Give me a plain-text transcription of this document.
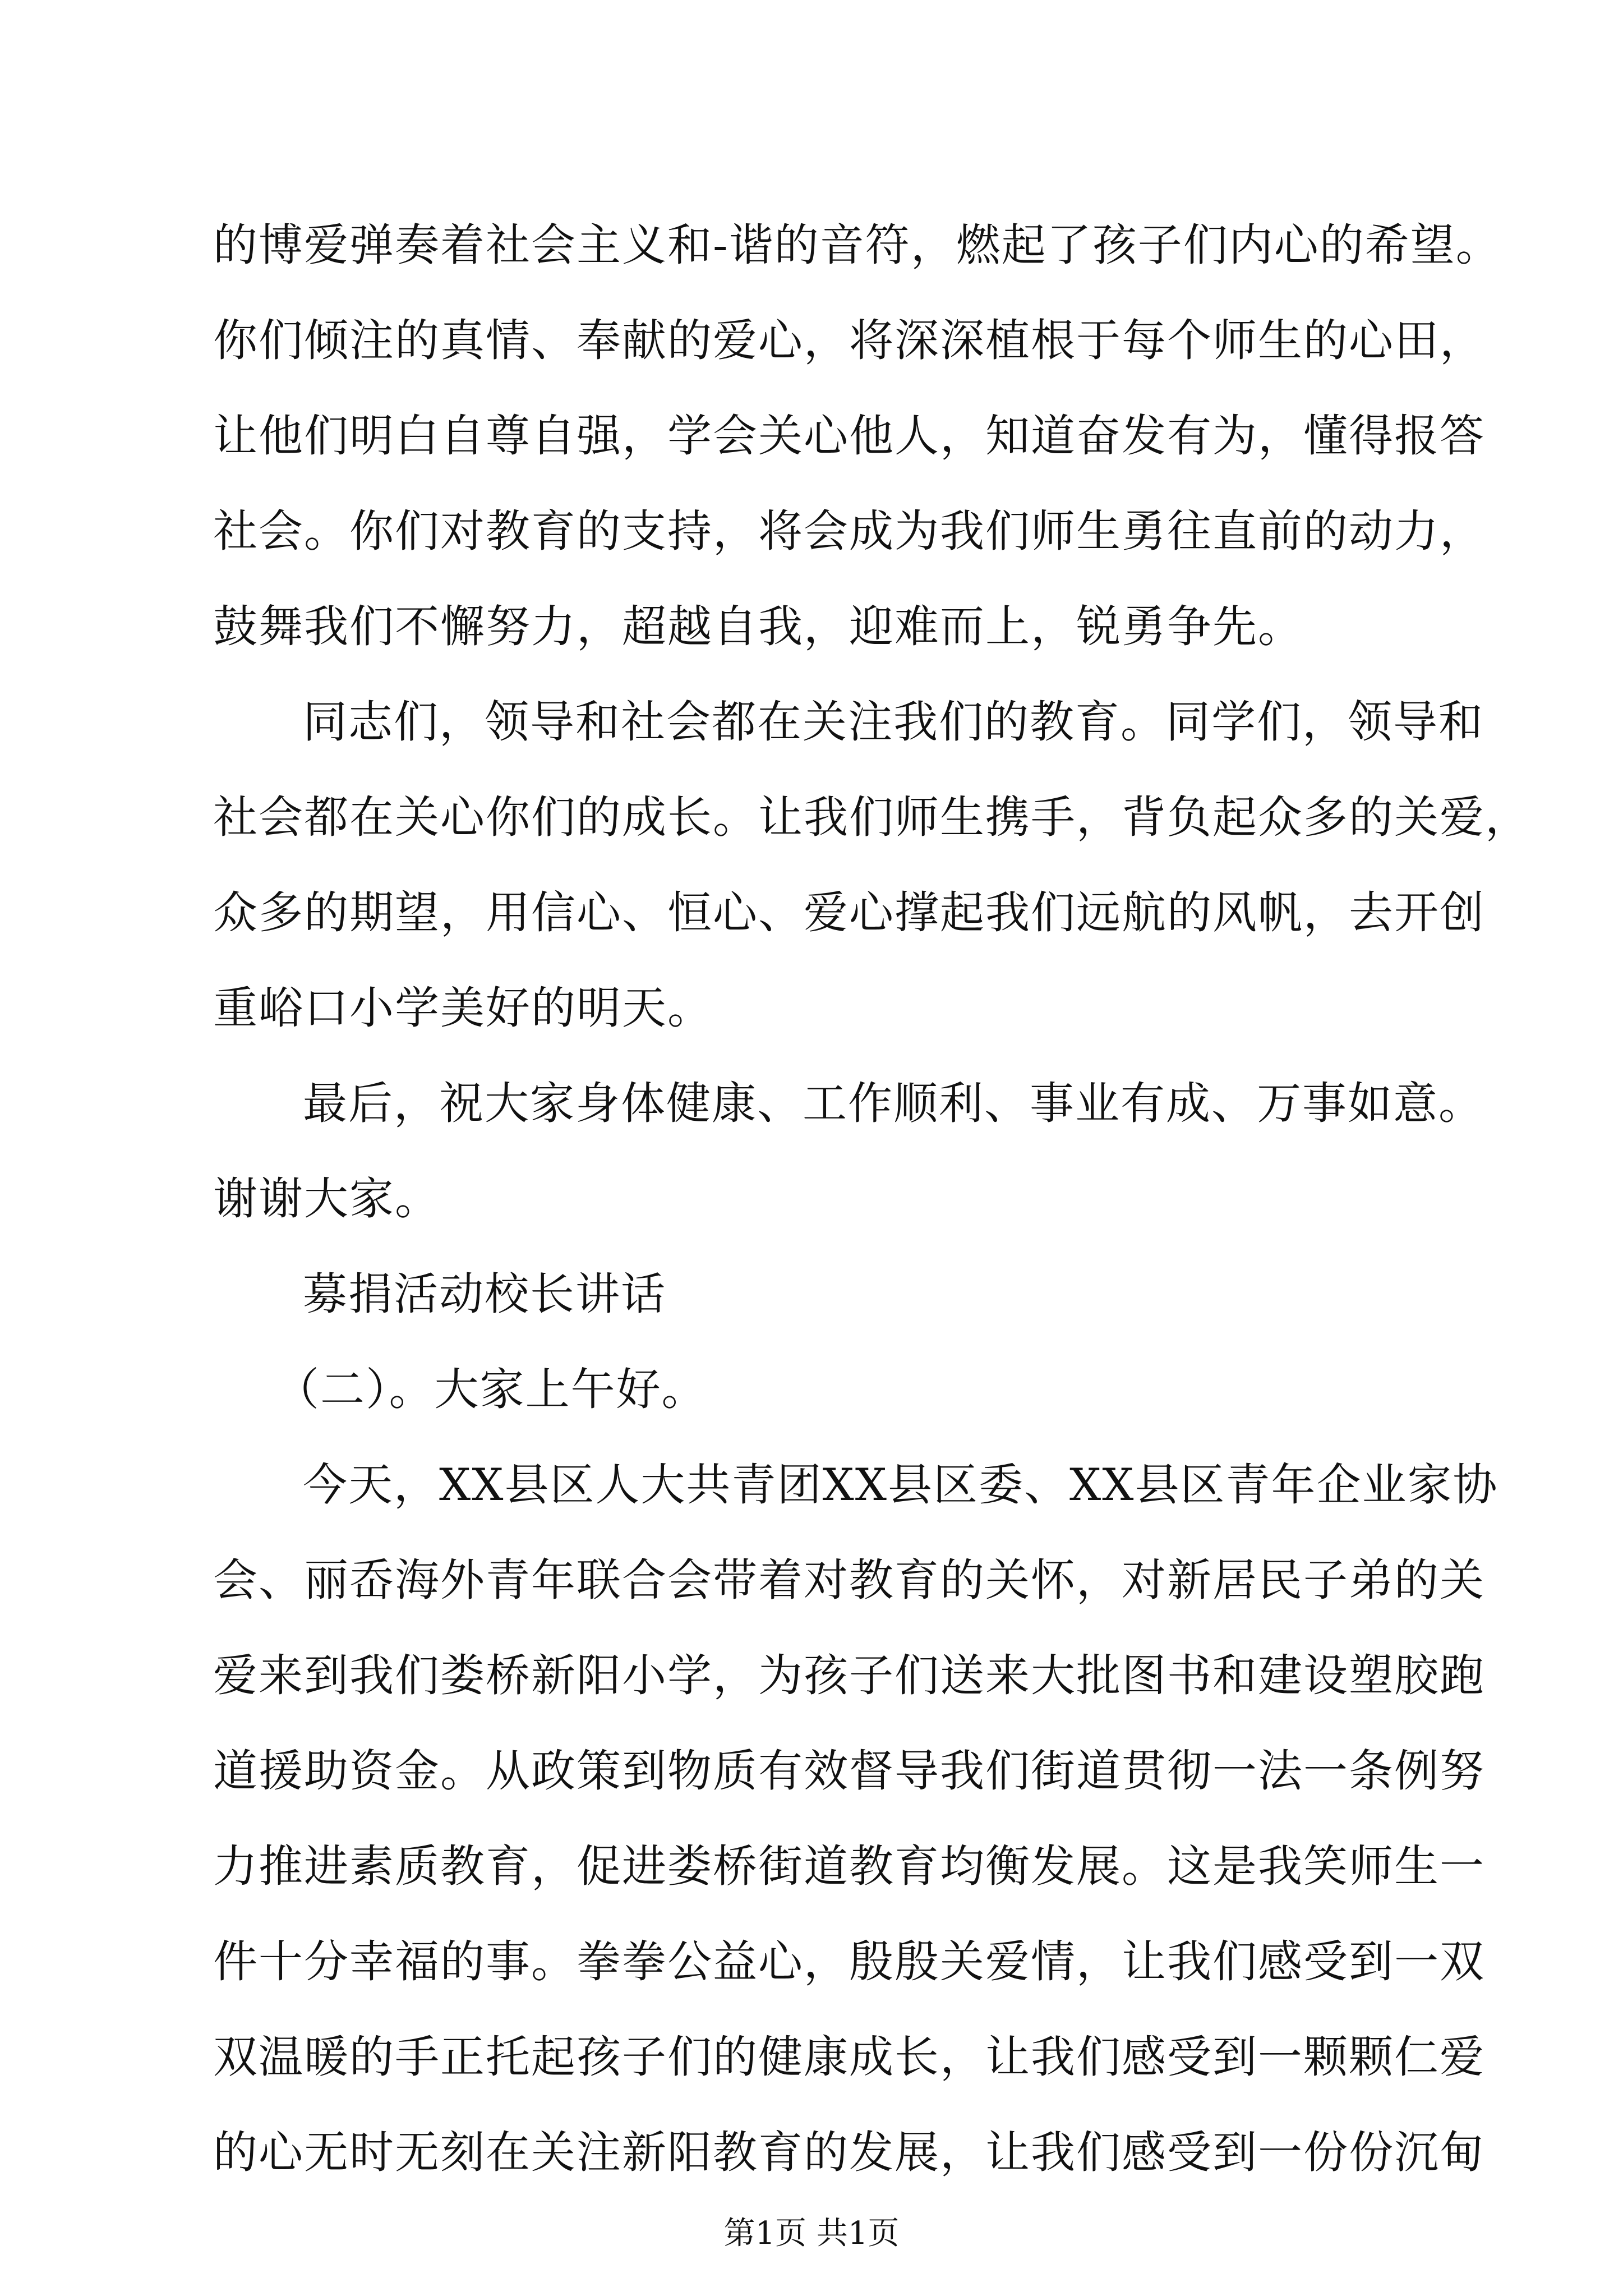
的博爱弹奏着社会主义和-谐的音符，燃起了孩子们内心的希望。
你们倾注的真情、奉献的爱心，将深深植根于每个师生的心田，
让他们明白自尊自强，学会关心他人，知道奋发有为，懂得报答
社会。你们对教育的支持，将会成为我们师生勇往直前的动力，
鼓舞我们不懈努力，超越自我，迎难而上，锐勇争先。
同志们，领导和社会都在关注我们的教育。同学们，领导和
社会都在关心你们的成长。让我们师生携手，背负起众多的关爱，
众多的期望，用信心、恒心、爱心撑起我们远航的风帆，去开创
重峪口小学美好的明天。
最后，祝大家身体健康、工作顺利、事业有成、万事如意。
谢谢大家。
募捐活动校长讲话
（二）。大家上午好。
今天，XX县区人大共青团XX县区委、XX县区青年企业家协
会、丽岙海外青年联合会带着对教育的关怀，对新居民子弟的关
爱来到我们娄桥新阳小学，为孩子们送来大批图书和建设塑胶跑
道援助资金。从政策到物质有效督导我们街道贯彻一法一条例努
力推进素质教育，促进娄桥街道教育均衡发展。这是我笑师生一
件十分幸福的事。拳拳公益心，殷殷关爱情，让我们感受到一双
双温暖的手正托起孩子们的健康成长，让我们感受到一颗颗仁爱
的心无时无刻在关注新阳教育的发展，让我们感受到一份份沉甸
第1页 共1页
